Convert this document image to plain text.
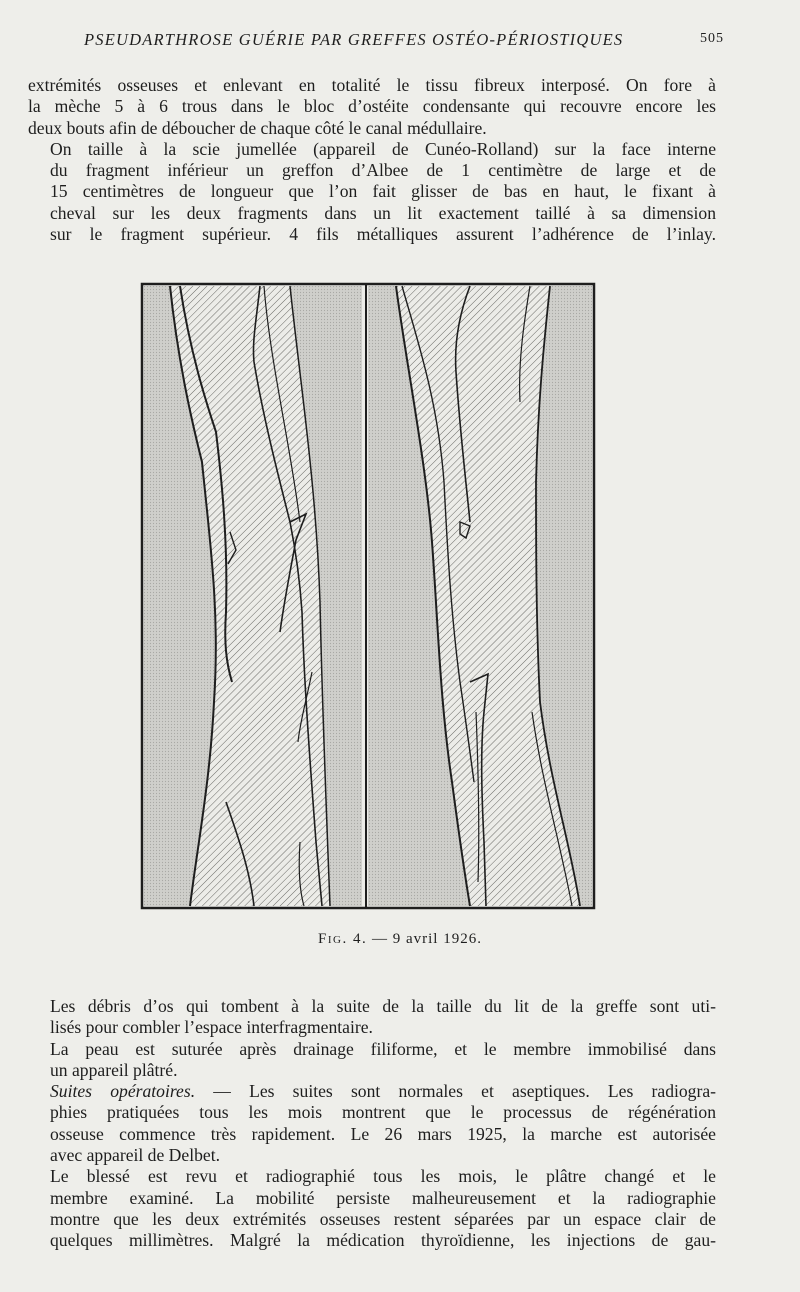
PSEUDARTHROSE GUÉRIE PAR GREFFES OSTÉO-PÉRIOSTIQUES	505
extrémités osseuses et enlevant en totalité le tissu fibreux interposé. On fore à
la mèche 5 à 6 trous dans le bloc d’ostéite condensante qui recouvre encore les
deux bouts afin de déboucher de chaque côté le canal médullaire.
On taille à la scie jumellée (appareil de Cunéo-Rolland) sur la face interne
du fragment inférieur un greffon d’Albee de 1 centimètre de large et de
15 centimètres de longueur que l’on fait glisser de bas en haut, le fixant à
cheval sur les deux fragments dans un lit exactement taillé à sa dimension
sur le fragment supérieur. 4 fils métalliques assurent l’adhérence de l’inlay.
Fig. 4. — 9 avril 1926.
Les débris d’os qui tombent à la suite de la taille du lit de la greffe sont uti-
lisés pour combler l’espace interfragmentaire.
La peau est suturée après drainage filiforme, et le membre immobilisé dans
un appareil plâtré.
Suites opératoires. — Les suites sont normales et aseptiques. Les radiogra-
phies pratiquées tous les mois montrent que le processus de régénération
osseuse commence très rapidement. Le 26 mars 1925, la marche est autorisée
avec appareil de Delbet.
Le blessé est revu et radiographié tous les mois, le plâtre changé et le
membre examiné. La mobilité persiste malheureusement et la radiographie
montre que les deux extrémités osseuses restent séparées par un espace clair de
quelques millimètres. Malgré la médication thyroïdienne, les injections de gau-
